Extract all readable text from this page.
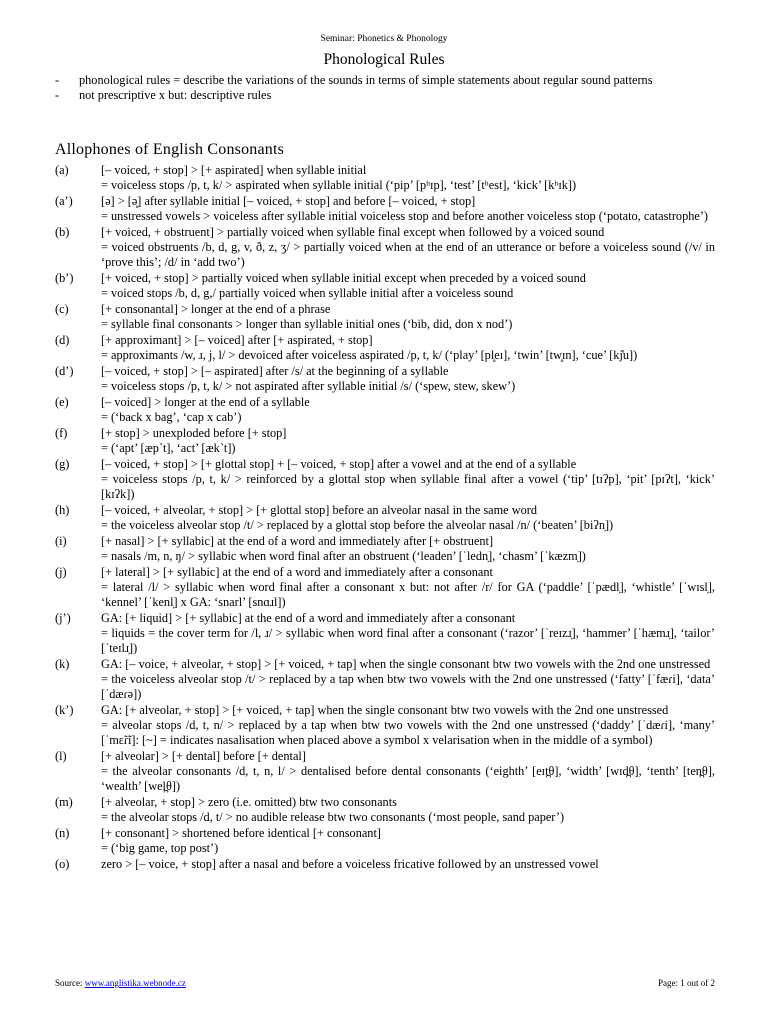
Seminar: Phonetics & Phonology
Phonological Rules
-	phonological rules = describe the variations of the sounds in terms of simple statements about regular sound patterns
-	not prescriptive x but: descriptive rules
Allophones of English Consonants
(a)	[– voiced, + stop] > [+ aspirated] when syllable initial
= voiceless stops /p, t, k/ > aspirated when syllable initial (‘pip’ [pʰɪp], ‘test’ [tʰest], ‘kick’ [kʰɪk])
(a’)	[ə] > [ə̥] after syllable initial [– voiced, + stop] and before [– voiced, + stop]
= unstressed vowels > voiceless after syllable initial voiceless stop and before another voiceless stop (‘potato, catastrophe’)
(b)	[+ voiced, + obstruent] > partially voiced when syllable final except when followed by a voiced sound
= voiced obstruents /b, d, g, v, ð, z, ʒ/ > partially voiced when at the end of an utterance or before a voiceless sound (/v/ in ‘prove this’; /d/ in ‘add two’)
(b’)	[+ voiced, + stop] > partially voiced when syllable initial except when preceded by a voiced sound
= voiced stops /b, d, g,/ partially voiced when syllable initial after a voiceless sound
(c)	[+ consonantal] > longer at the end of a phrase
= syllable final consonants > longer than syllable initial ones (‘bib, did, don x nod’)
(d)	[+ approximant] > [– voiced] after [+ aspirated, + stop]
= approximants /w, ɹ, j, l/ > devoiced after voiceless aspirated /p, t, k/ (‘play’ [pl̥eɪ], ‘twin’ [tw̥ɪn], ‘cue’ [kj̊u])
(d’)	[– voiced, + stop] > [– aspirated] after /s/ at the beginning of a syllable
= voiceless stops /p, t, k/ > not aspirated after syllable initial /s/ (‘spew, stew, skew’)
(e)	[– voiced] > longer at the end of a syllable
= (‘back x bag’, ‘cap x cab’)
(f)	[+ stop] > unexploded before [+ stop]
= (‘apt’ [æp˺t], ‘act’ [æk˺t])
(g)	[– voiced, + stop] > [+ glottal stop] + [– voiced, + stop] after a vowel and at the end of a syllable
= voiceless stops /p, t, k/ > reinforced by a glottal stop when syllable final after a vowel (‘tip’ [tɪʔp], ‘pit’ [pɪʔt], ‘kick’ [kɪʔk])
(h)	[– voiced, + alveolar, + stop] > [+ glottal stop] before an alveolar nasal in the same word
= the voiceless alveolar stop /t/ > replaced by a glottal stop before the alveolar nasal /n/ (‘beaten’ [biʔn̩])
(i)	[+ nasal] > [+ syllabic] at the end of a word and immediately after [+ obstruent]
= nasals /m, n, ŋ/ > syllabic when word final after an obstruent (‘leaden’ [ˈledn̩], ‘chasm’ [ˈkæzm̩])
(j)	[+ lateral] > [+ syllabic] at the end of a word and immediately after a consonant
= lateral /l/ > syllabic when word final after a consonant x but: not after /r/ for GA (‘paddle’ [ˈpædl̩], ‘whistle’ [ˈwɪsl̩], ‘kennel’ [ˈkenl̩] x GA: ‘snarl’ [snɑɹl])
(j’)	GA: [+ liquid] > [+ syllabic] at the end of a word and immediately after a consonant
= liquids = the cover term for /l, ɹ/ > syllabic when word final after a consonant (‘razor’ [ˈreɪzɹ̩], ‘hammer’ [ˈhæmɹ̩], ‘tailor’ [ˈteɪlɹ̩])
(k)	GA: [– voice, + alveolar, + stop] > [+ voiced, + tap] when the single consonant btw two vowels with the 2nd one unstressed
= the voiceless alveolar stop /t/ > replaced by a tap when btw two vowels with the 2nd one unstressed (‘fatty’ [ˈfæɾi], ‘data’ [ˈdæɾə])
(k’)	GA: [+ alveolar, + stop] > [+ voiced, + tap] when the single consonant btw two vowels with the 2nd one unstressed
= alveolar stops /d, t, n/ > replaced by a tap when btw two vowels with the 2nd one unstressed (‘daddy’ [ˈdæɾi], ‘many’ [ˈmɛ̃ɾ̃i]: [~] = indicates nasalisation when placed above a symbol x velarisation when in the middle of a symbol)
(l)	[+ alveolar] > [+ dental] before [+ dental]
= the alveolar consonants /d, t, n, l/ > dentalised before dental consonants (‘eighth’ [eɪt̪θ], ‘width’ [wɪd̪θ], ‘tenth’ [ten̪θ], ‘wealth’ [wel̪θ])
(m)	[+ alveolar, + stop] > zero (i.e. omitted) btw two consonants
= the alveolar stops /d, t/ > no audible release btw two consonants (‘most people, sand paper’)
(n)	[+ consonant] > shortened before identical [+ consonant]
= (‘big game, top post’)
(o)	zero > [– voice, + stop] after a nasal and before a voiceless fricative followed by an unstressed vowel
Source: www.anglistika.webnode.cz	Page: 1 out of 2
